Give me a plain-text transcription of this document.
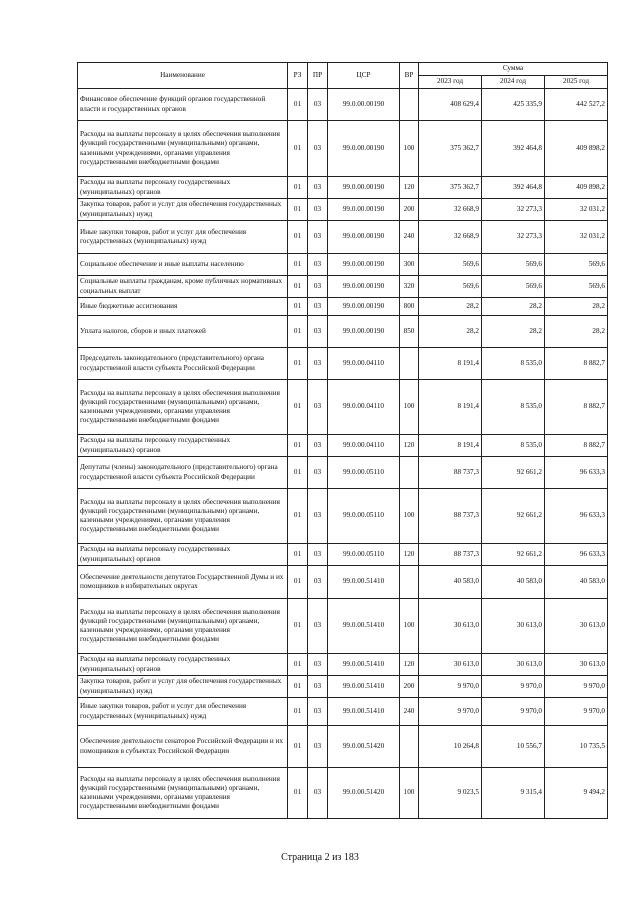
Наименование	РЗ	ПР	ЦСР	ВР	Сумма		
					2023 год	2024 год	2025 год
Финансовое обеспечение функций органов государственной власти и государственных органов	01	03	99.0.00.00190		408 629,4	425 335,9	442 527,2
Расходы на выплаты персоналу в целях обеспечения выполнения функций государственными (муниципальными) органами, казенными учреждениями, органами управления государственными внебюджетными фондами	01	03	99.0.00.00190	100	375 362,7	392 464,8	409 898,2
Расходы на выплаты персоналу государственных (муниципальных) органов	01	03	99.0.00.00190	120	375 362,7	392 464,8	409 898,2
Закупка товаров, работ и услуг для обеспечения государственных (муниципальных) нужд	01	03	99.0.00.00190	200	32 668,9	32 273,3	32 031,2
Иные закупки товаров, работ и услуг для обеспечения государственных (муниципальных) нужд	01	03	99.0.00.00190	240	32 668,9	32 273,3	32 031,2
Социальное обеспечение и иные выплаты населению	01	03	99.0.00.00190	300	569,6	569,6	569,6
Социальные выплаты гражданам, кроме публичных нормативных социальных выплат	01	03	99.0.00.00190	320	569,6	569,6	569,6
Иные бюджетные ассигнования	01	03	99.0.00.00190	800	28,2	28,2	28,2
Уплата налогов, сборов и иных платежей	01	03	99.0.00.00190	850	28,2	28,2	28,2
Председатель законодательного (представительного) органа государственной власти субъекта Российской Федерации	01	03	99.0.00.04110		8 191,4	8 535,0	8 882,7
Расходы на выплаты персоналу в целях обеспечения выполнения функций государственными (муниципальными) органами, казенными учреждениями, органами управления государственными внебюджетными фондами	01	03	99.0.00.04110	100	8 191,4	8 535,0	8 882,7
Расходы на выплаты персоналу государственных (муниципальных) органов	01	03	99.0.00.04110	120	8 191,4	8 535,0	8 882,7
Депутаты (члены) законодательного (представительного) органа государственной власти субъекта Российской Федерации	01	03	99.0.00.05110		88 737,3	92 661,2	96 633,3
Расходы на выплаты персоналу в целях обеспечения выполнения функций государственными (муниципальными) органами, казенными учреждениями, органами управления государственными внебюджетными фондами	01	03	99.0.00.05110	100	88 737,3	92 661,2	96 633,3
Расходы на выплаты персоналу государственных (муниципальных) органов	01	03	99.0.00.05110	120	88 737,3	92 661,2	96 633,3
Обеспечение деятельности депутатов Государственной Думы и их помощников в избирательных округах	01	03	99.0.00.51410		40 583,0	40 583,0	40 583,0
Расходы на выплаты персоналу в целях обеспечения выполнения функций государственными (муниципальными) органами, казенными учреждениями, органами управления государственными внебюджетными фондами	01	03	99.0.00.51410	100	30 613,0	30 613,0	30 613,0
Расходы на выплаты персоналу государственных (муниципальных) органов	01	03	99.0.00.51410	120	30 613,0	30 613,0	30 613,0
Закупка товаров, работ и услуг для обеспечения государственных (муниципальных) нужд	01	03	99.0.00.51410	200	9 970,0	9 970,0	9 970,0
Иные закупки товаров, работ и услуг для обеспечения государственных (муниципальных) нужд	01	03	99.0.00.51410	240	9 970,0	9 970,0	9 970,0
Обеспечение деятельности сенаторов Российской Федерации и их помощников в субъектах Российской Федерации	01	03	99.0.00.51420		10 264,8	10 556,7	10 735,5
Расходы на выплаты персоналу в целях обеспечения выполнения функций государственными (муниципальными) органами, казенными учреждениями, органами управления государственными внебюджетными фондами	01	03	99.0.00.51420	100	9 023,5	9 315,4	9 494,2
Страница 2 из 183
